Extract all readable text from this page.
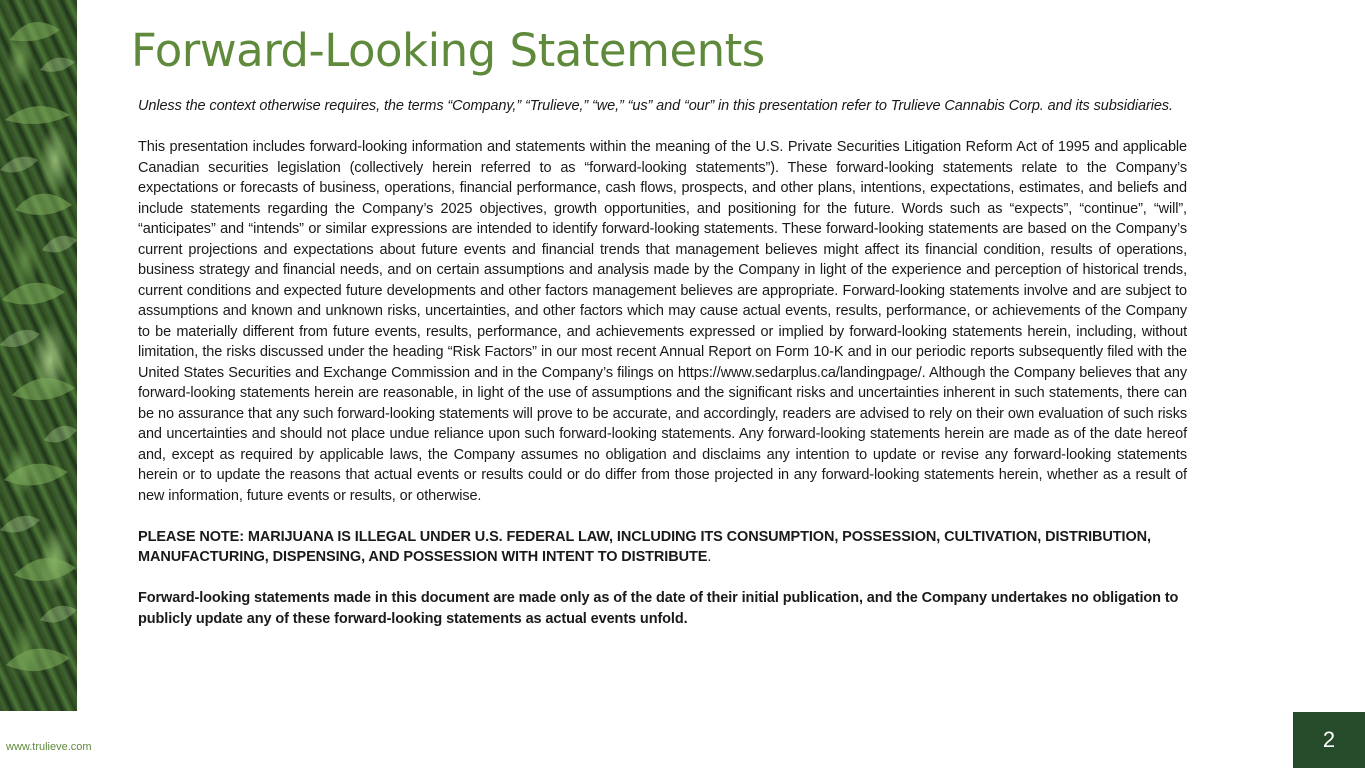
Forward-Looking Statements

Unless the context otherwise requires, the terms “Company,” “Trulieve,” “we,” “us” and “our” in this presentation refer to Trulieve Cannabis Corp. and its subsidiaries.

This presentation includes forward-looking information and statements within the meaning of the U.S. Private Securities Litigation Reform Act of 1995 and applicable Canadian securities legislation (collectively herein referred to as “forward-looking statements”). These forward-looking statements relate to the Company’s expectations or forecasts of business, operations, financial performance, cash flows, prospects, and other plans, intentions, expectations, estimates, and beliefs and include statements regarding the Company’s 2025 objectives, growth opportunities, and positioning for the future. Words such as “expects”, “continue”, “will”, “anticipates” and “intends” or similar expressions are intended to identify forward-looking statements. These forward-looking statements are based on the Company’s current projections and expectations about future events and financial trends that management believes might affect its financial condition, results of operations, business strategy and financial needs, and on certain assumptions and analysis made by the Company in light of the experience and perception of historical trends, current conditions and expected future developments and other factors management believes are appropriate. Forward-looking statements involve and are subject to assumptions and known and unknown risks, uncertainties, and other factors which may cause actual events, results, performance, or achievements of the Company to be materially different from future events, results, performance, and achievements expressed or implied by forward-looking statements herein, including, without limitation, the risks discussed under the heading “Risk Factors” in our most recent Annual Report on Form 10-K and in our periodic reports subsequently filed with the United States Securities and Exchange Commission and in the Company’s filings on https://www.sedarplus.ca/landingpage/. Although the Company believes that any forward-looking statements herein are reasonable, in light of the use of assumptions and the significant risks and uncertainties inherent in such statements, there can be no assurance that any such forward-looking statements will prove to be accurate, and accordingly, readers are advised to rely on their own evaluation of such risks and uncertainties and should not place undue reliance upon such forward-looking statements. Any forward-looking statements herein are made as of the date hereof and, except as required by applicable laws, the Company assumes no obligation and disclaims any intention to update or revise any forward-looking statements herein or to update the reasons that actual events or results could or do differ from those projected in any forward-looking statements herein, whether as a result of new information, future events or results, or otherwise.

PLEASE NOTE: MARIJUANA IS ILLEGAL UNDER U.S. FEDERAL LAW, INCLUDING ITS CONSUMPTION, POSSESSION, CULTIVATION, DISTRIBUTION, MANUFACTURING, DISPENSING, AND POSSESSION WITH INTENT TO DISTRIBUTE.

Forward-looking statements made in this document are made only as of the date of their initial publication, and the Company undertakes no obligation to publicly update any of these forward-looking statements as actual events unfold.

www.trulieve.com	2
